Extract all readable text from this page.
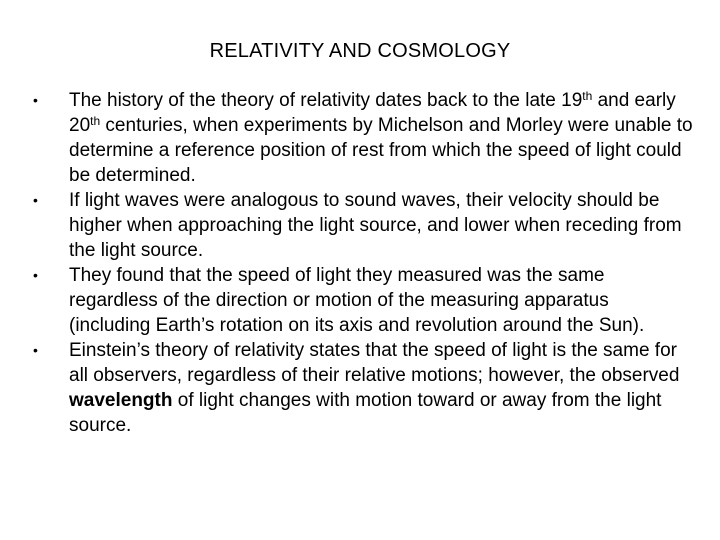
RELATIVITY AND COSMOLOGY
•	The history of the theory of relativity dates back to the late 19th and early 20th centuries, when experiments by Michelson and Morley were unable to determine a reference position of rest from which the speed of light could be determined.
•	If light waves were analogous to sound waves, their velocity should be higher when approaching the light source, and lower when receding from the light source.
•	They found that the speed of light they measured was the same regardless of the direction or motion of the measuring apparatus (including Earth’s rotation on its axis and revolution around the Sun).
•	Einstein’s theory of relativity states that the speed of light is the same for all observers, regardless of their relative motions; however, the observed wavelength of light changes with motion toward or away from the light source.
